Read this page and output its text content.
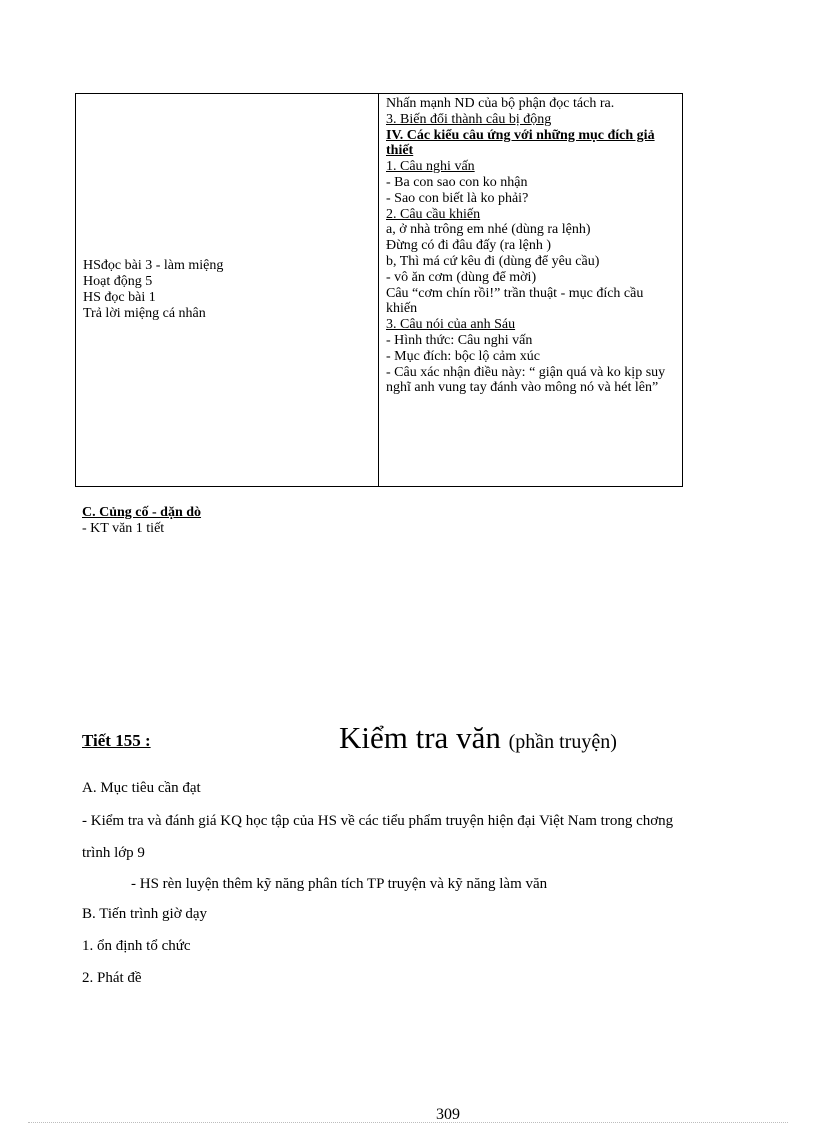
HSđọc bài 3 - làm miệng
Hoạt động 5
HS đọc bài 1
Trả lời miệng cá nhân
Nhấn mạnh ND của bộ phận đọc tách ra.
3. Biến đổi thành câu bị động
IV. Các kiểu câu ứng với những mục đích giả thiết
1. Câu nghi vấn
- Ba con sao con ko nhận
- Sao con biết là ko phải?
2. Câu cầu khiến
a, ở nhà trông em nhé (dùng ra lệnh)
Đừng có đi đâu đấy (ra lệnh )
b, Thì má cứ kêu đi (dùng để yêu cầu)
- vô ăn cơm (dùng để mời)
Câu “cơm chín rồi!” trần thuật - mục đích cầu khiến
3. Câu nói của anh Sáu
- Hình thức: Câu nghi vấn
- Mục đích: bộc lộ cảm xúc
- Câu xác nhận điều này: “ giận quá và ko kịp suy nghĩ anh vung tay đánh vào mông nó và hét lên”
C. Củng cố - dặn dò
- KT văn 1 tiết
Tiết 155 :	Kiểm tra văn (phần truyện)
A. Mục tiêu cần đạt
- Kiểm tra và đánh giá KQ học tập của HS về các tiểu phẩm truyện hiện đại Việt Nam trong chơng
trình lớp 9
- HS rèn luyện thêm kỹ năng phân tích TP truyện và kỹ năng làm văn
B. Tiến trình giờ dạy
1. ổn định tổ chức
2. Phát đề
309
